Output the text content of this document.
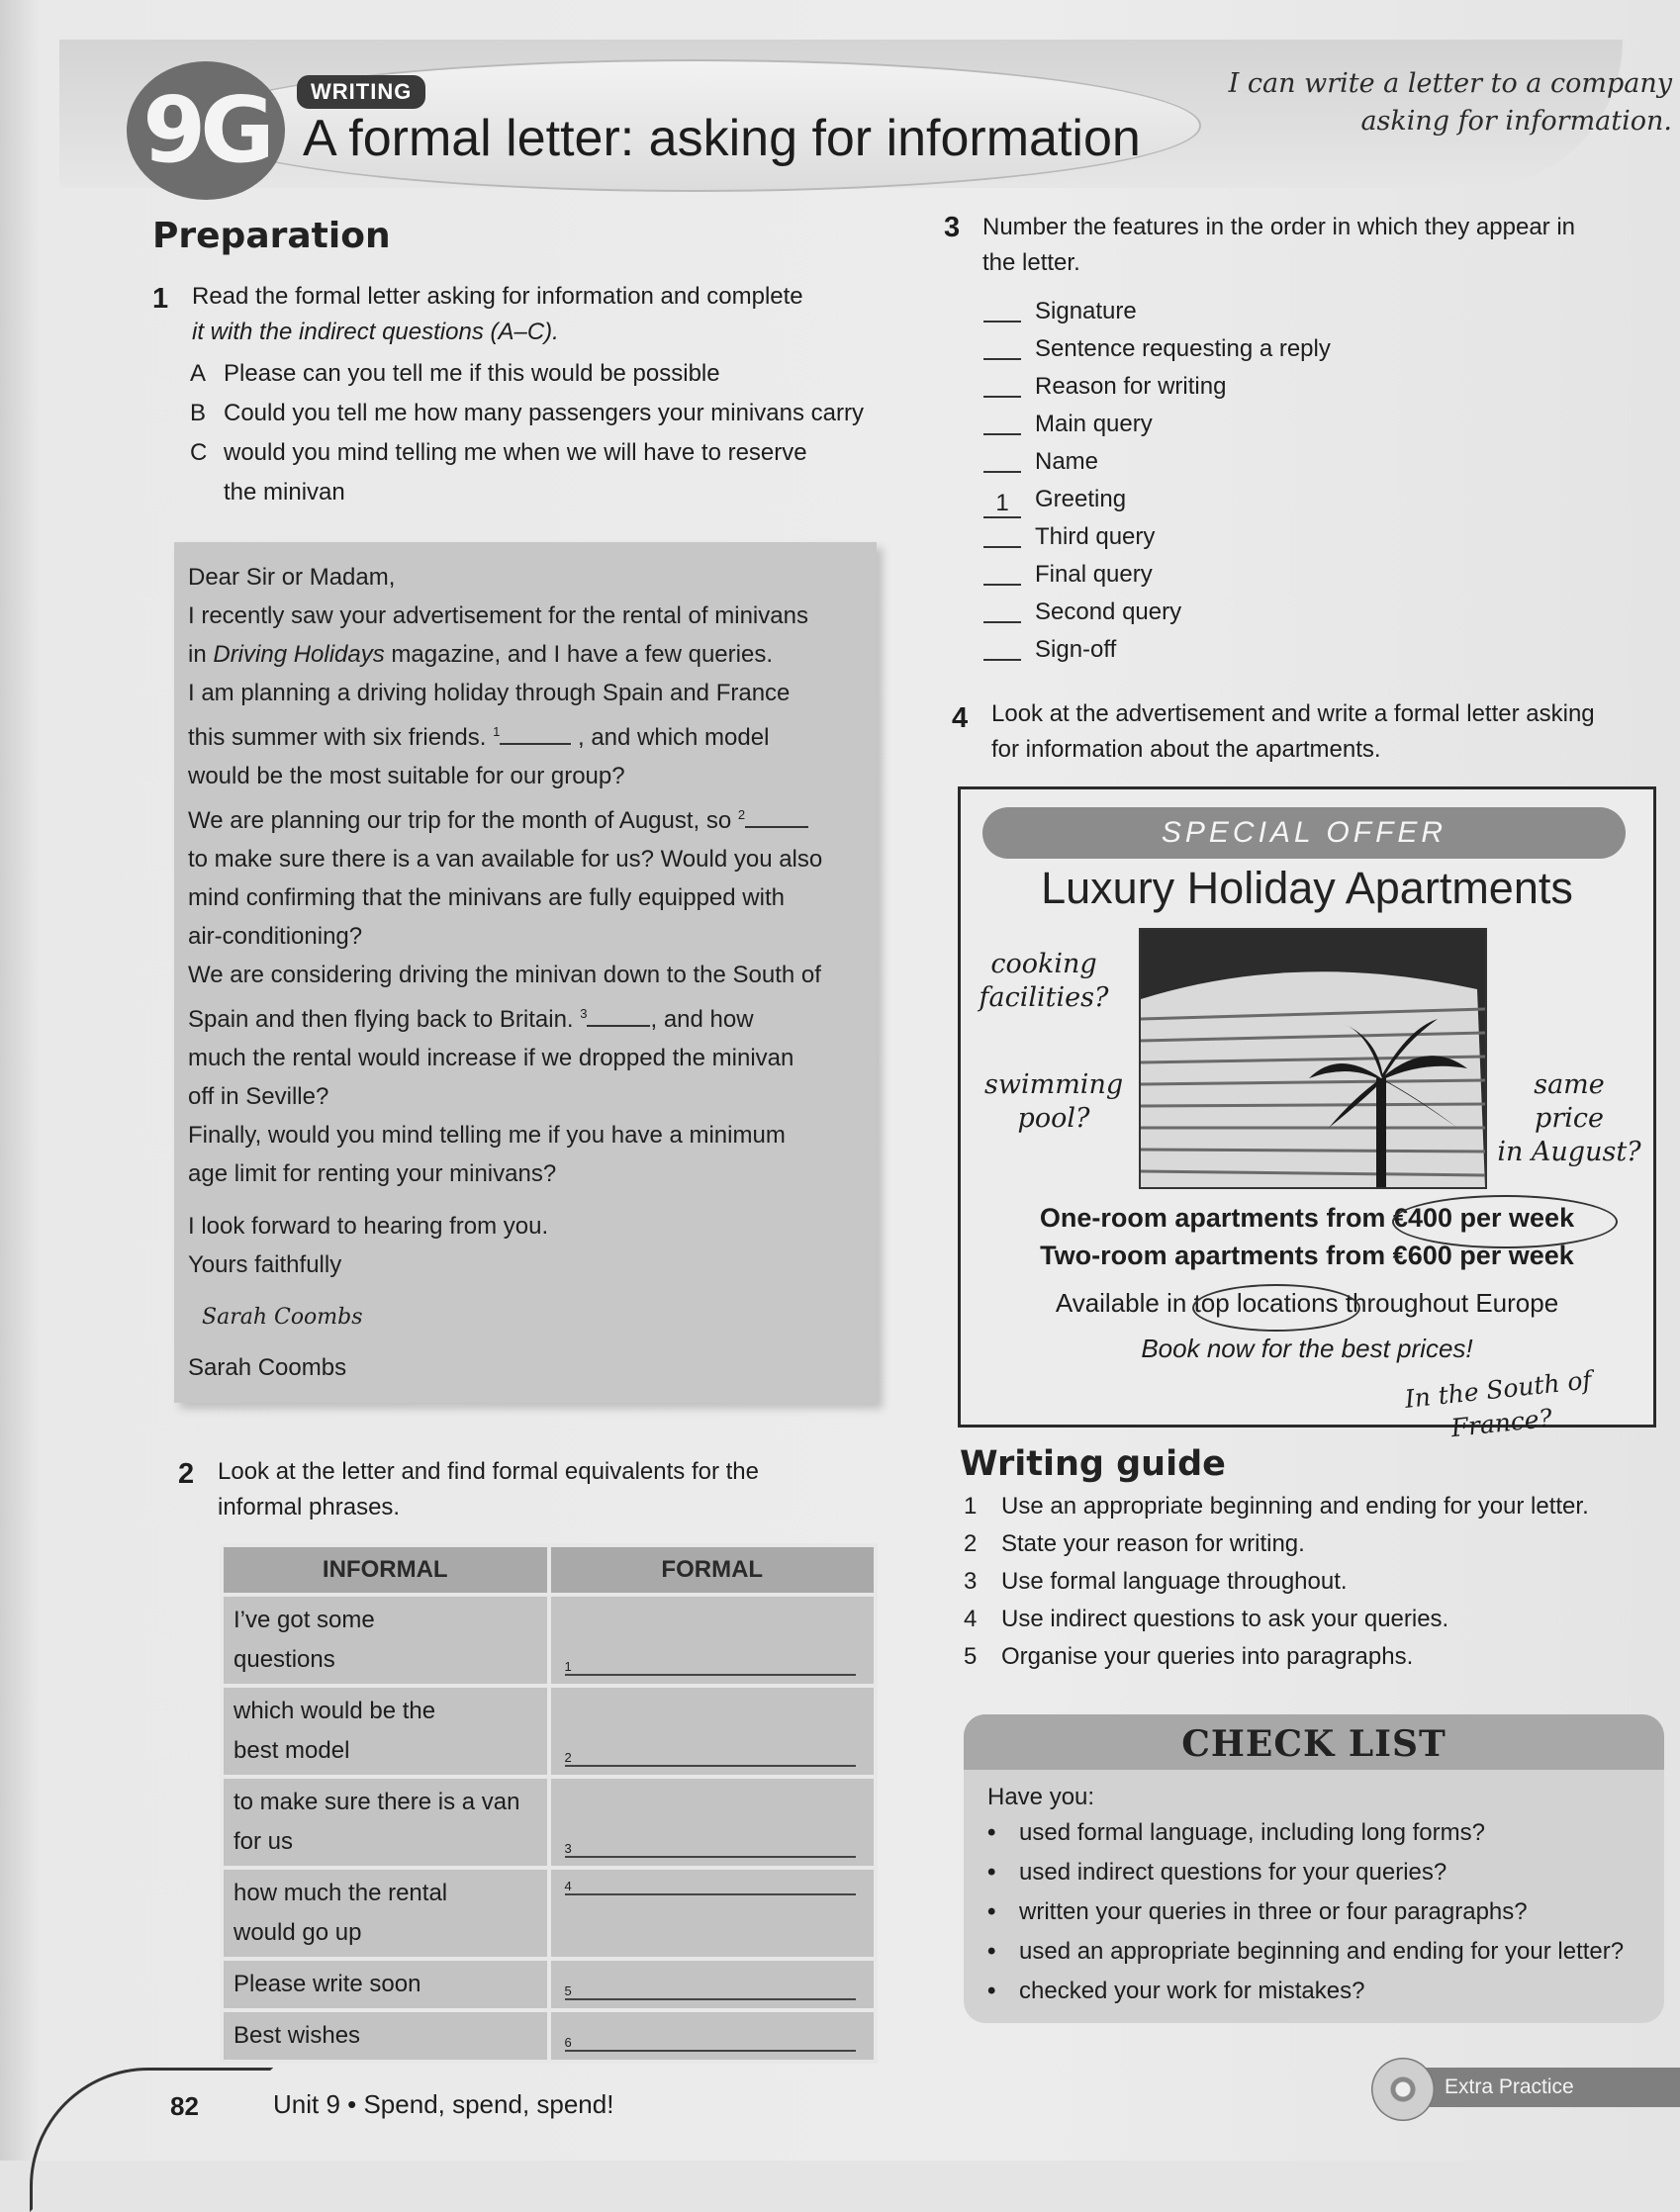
9G	WRITING
A formal letter: asking for information
I can write a letter to a company asking for information.
Preparation
1 Read the formal letter asking for information and complete
it with the indirect questions (A–C).
A Please can you tell me if this would be possible
B Could you tell me how many passengers your minivans carry
C would you mind telling me when we will have to reserve
the minivan
Dear Sir or Madam,
I recently saw your advertisement for the rental of minivans
in Driving Holidays magazine, and I have a few queries.
I am planning a driving holiday through Spain and France
this summer with six friends. $^1$	, and which model
would be the most suitable for our group?
We are planning our trip for the month of August, so $^2$
to make sure there is a van available for us? Would you also
mind confirming that the minivans are fully equipped with
air-conditioning?
We are considering driving the minivan down to the South of
Spain and then flying back to Britain. $^3$	, and how
much the rental would increase if we dropped the minivan
off in Seville?
Finally, would you mind telling me if you have a minimum
age limit for renting your minivans?
I look forward to hearing from you.
Yours faithfully
Sarah Coombs
Sarah Coombs
2 Look at the letter and find formal equivalents for the
informal phrases.
INFORMAL	FORMAL

I’ve got some
questions	1

which would be the
best model	2

to make sure there is a van
for us	3

how much the rental
would go up	4

Please write soon	5

Best wishes	6
3 Number the features in the order in which they appear in
the letter.
Signature
Sentence requesting a reply
Reason for writing
Main query
Name
1 Greeting
Third query
Final query
Second query
Sign-off
4 Look at the advertisement and write a formal letter asking
for information about the apartments.
SPECIAL OFFER
Luxury Holiday Apartments
cooking
facilities?
swimming
pool?
same price
in August?
One-room apartments from €400 per week
Two-room apartments from €600 per week
Available in top locations throughout Europe
Book now for the best prices!
In the South of France?
Writing guide
1 Use an appropriate beginning and ending for your letter.
2 State your reason for writing.
3 Use formal language throughout.
4 Use indirect questions to ask your queries.
5 Organise your queries into paragraphs.
CHECK LIST
Have you:
• used formal language, including long forms?
• used indirect questions for your queries?
• written your queries in three or four paragraphs?
• used an appropriate beginning and ending for your letter?
• checked your work for mistakes?
82	Unit 9 • Spend, spend, spend!
Extra Practice
